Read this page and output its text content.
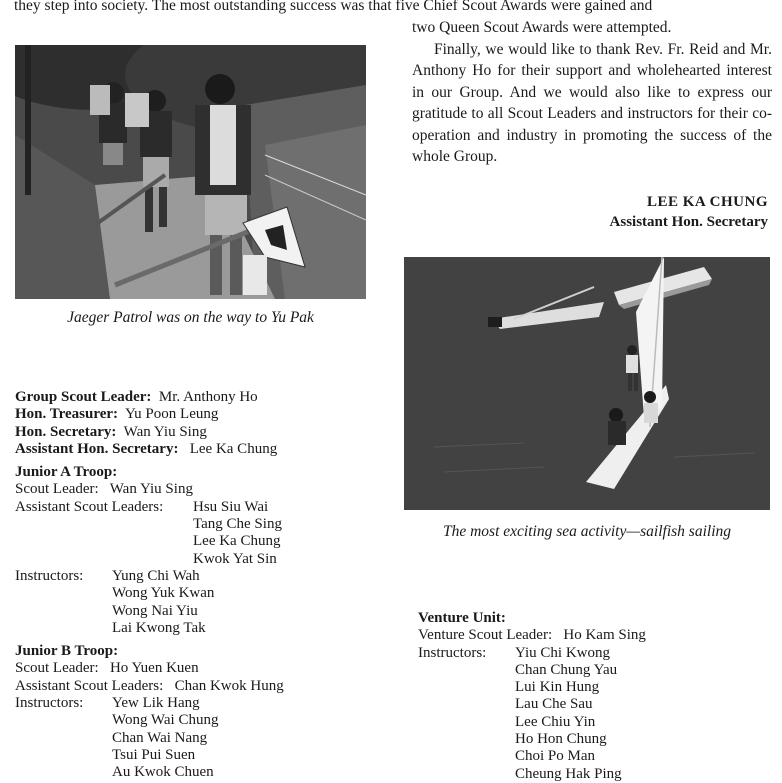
they step into society. The most outstanding success was that five Chief Scout Awards were gained and

two Queen Scout Awards were attempted.

Finally, we would like to thank Rev. Fr. Reid and Mr. Anthony Ho for their support and wholehearted interest in our Group. And we would also like to express our gratitude to all Scout Leaders and instructors for their co-operation and industry in promoting the success of the whole Group.

LEE KA CHUNG
Assistant Hon. Secretary
Jaeger Patrol was on the way to Yu Pak
The most exciting sea activity—sailfish sailing
Group Scout Leader: Mr. Anthony Ho
Hon. Treasurer: Yu Poon Leung
Hon. Secretary: Wan Yiu Sing
Assistant Hon. Secretary: Lee Ka Chung
Junior A Troop:
Scout Leader: Wan Yiu Sing
Assistant Scout Leaders: Hsu Siu Wai
Tang Che Sing
Lee Ka Chung
Kwok Yat Sin
Instructors: Yung Chi Wah
Wong Yuk Kwan
Wong Nai Yiu
Lai Kwong Tak
Junior B Troop:
Scout Leader: Ho Yuen Kuen
Assistant Scout Leaders: Chan Kwok Hung
Instructors: Yew Lik Hang
Wong Wai Chung
Chan Wai Nang
Tsui Pui Suen
Au Kwok Chuen
Venture Unit:
Venture Scout Leader: Ho Kam Sing
Instructors: Yiu Chi Kwong
Chan Chung Yau
Lui Kin Hung
Lau Che Sau
Lee Chiu Yin
Ho Hon Chung
Choi Po Man
Cheung Hak Ping
